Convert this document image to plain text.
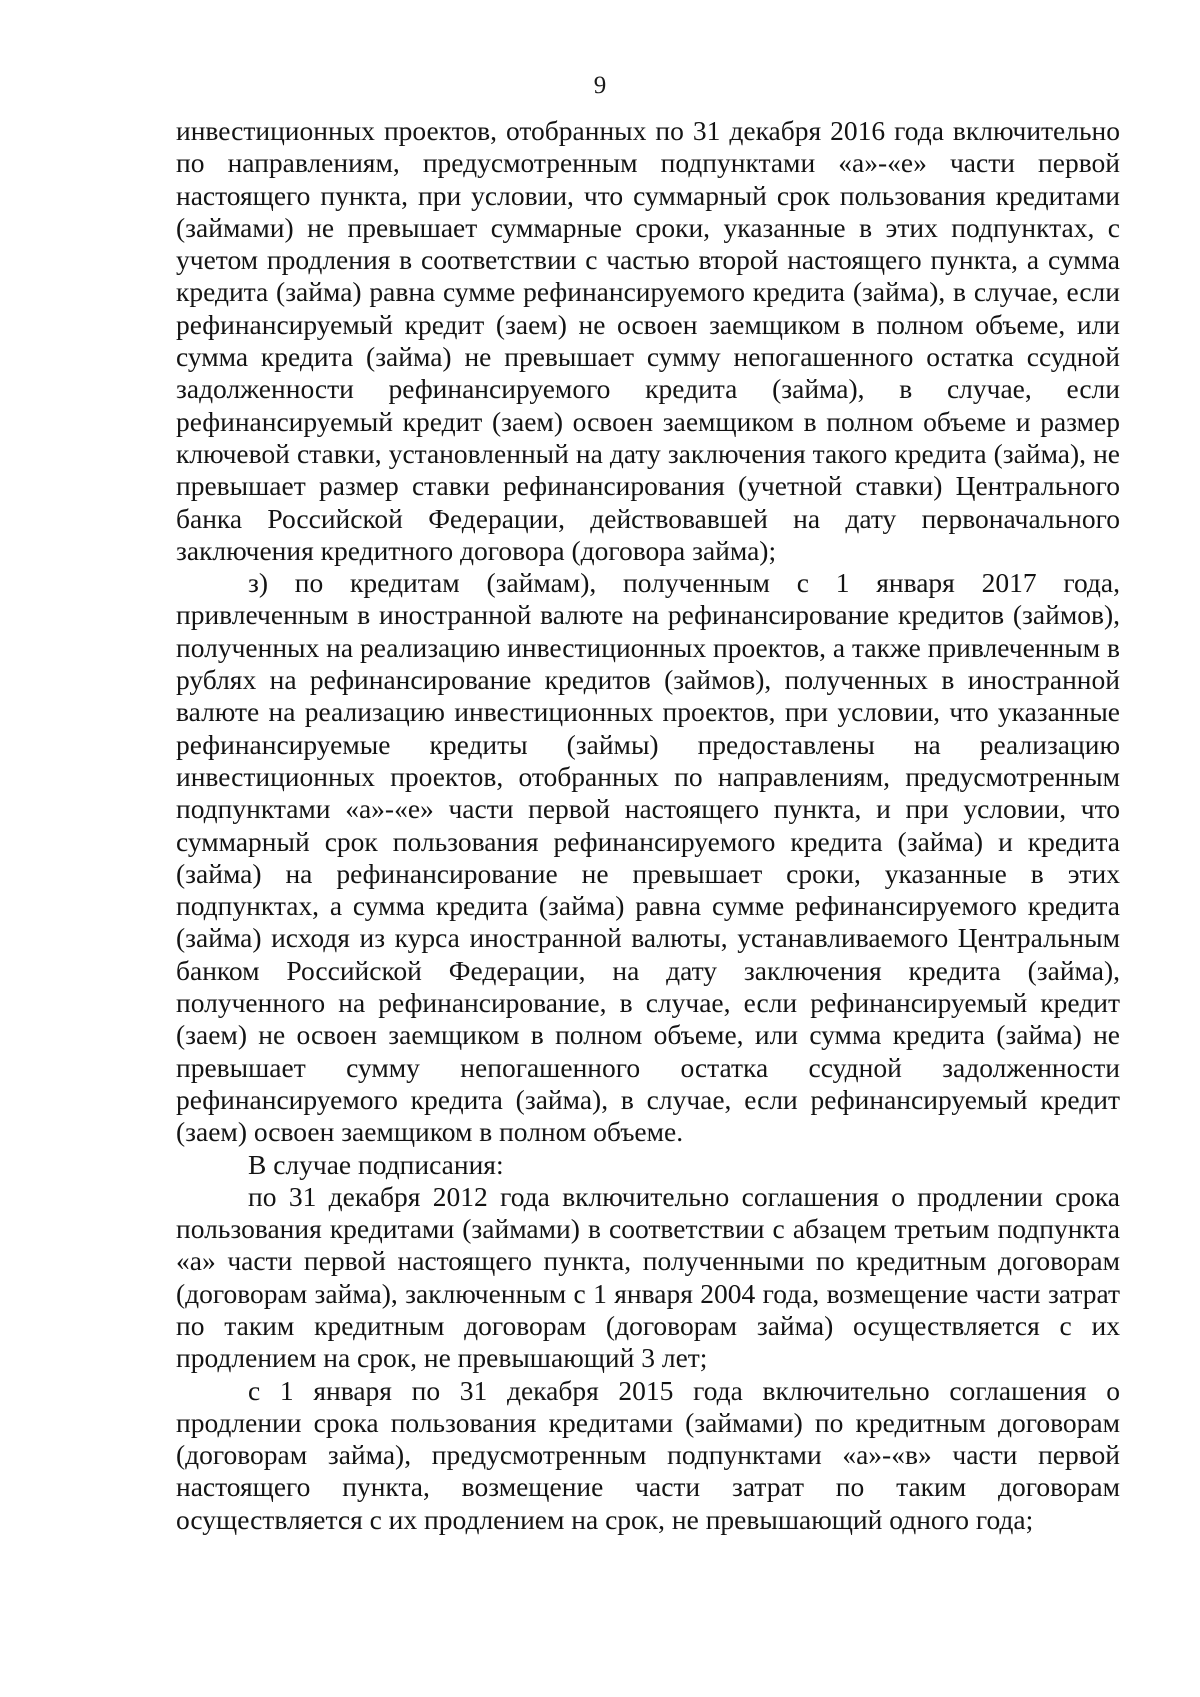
9

инвестиционных проектов, отобранных по 31 декабря 2016 года включительно по направлениям, предусмотренным подпунктами «а»-«е» части первой настоящего пункта, при условии, что суммарный срок пользования кредитами (займами) не превышает суммарные сроки, указанные в этих подпунктах, с учетом продления в соответствии с частью второй настоящего пункта, а сумма кредита (займа) равна сумме рефинансируемого кредита (займа), в случае, если рефинансируемый кредит (заем) не освоен заемщиком в полном объеме, или сумма кредита (займа) не превышает сумму непогашенного остатка ссудной задолженности рефинансируемого кредита (займа), в случае, если рефинансируемый кредит (заем) освоен заемщиком в полном объеме и размер ключевой ставки, установленный на дату заключения такого кредита (займа), не превышает размер ставки рефинансирования (учетной ставки) Центрального банка Российской Федерации, действовавшей на дату первоначального заключения кредитного договора (договора займа);

з) по кредитам (займам), полученным с 1 января 2017 года, привлеченным в иностранной валюте на рефинансирование кредитов (займов), полученных на реализацию инвестиционных проектов, а также привлеченным в рублях на рефинансирование кредитов (займов), полученных в иностранной валюте на реализацию инвестиционных проектов, при условии, что указанные рефинансируемые кредиты (займы) предоставлены на реализацию инвестиционных проектов, отобранных по направлениям, предусмотренным подпунктами «а»-«е» части первой настоящего пункта, и при условии, что суммарный срок пользования рефинансируемого кредита (займа) и кредита (займа) на рефинансирование не превышает сроки, указанные в этих подпунктах, а сумма кредита (займа) равна сумме рефинансируемого кредита (займа) исходя из курса иностранной валюты, устанавливаемого Центральным банком Российской Федерации, на дату заключения кредита (займа), полученного на рефинансирование, в случае, если рефинансируемый кредит (заем) не освоен заемщиком в полном объеме, или сумма кредита (займа) не превышает сумму непогашенного остатка ссудной задолженности рефинансируемого кредита (займа), в случае, если рефинансируемый кредит (заем) освоен заемщиком в полном объеме.

В случае подписания:

по 31 декабря 2012 года включительно соглашения о продлении срока пользования кредитами (займами) в соответствии с абзацем третьим подпункта «а» части первой настоящего пункта, полученными по кредитным договорам (договорам займа), заключенным с 1 января 2004 года, возмещение части затрат по таким кредитным договорам (договорам займа) осуществляется с их продлением на срок, не превышающий 3 лет;

с 1 января по 31 декабря 2015 года включительно соглашения о продлении срока пользования кредитами (займами) по кредитным договорам (договорам займа), предусмотренным подпунктами «а»-«в» части первой настоящего пункта, возмещение части затрат по таким договорам осуществляется с их продлением на срок, не превышающий одного года;
